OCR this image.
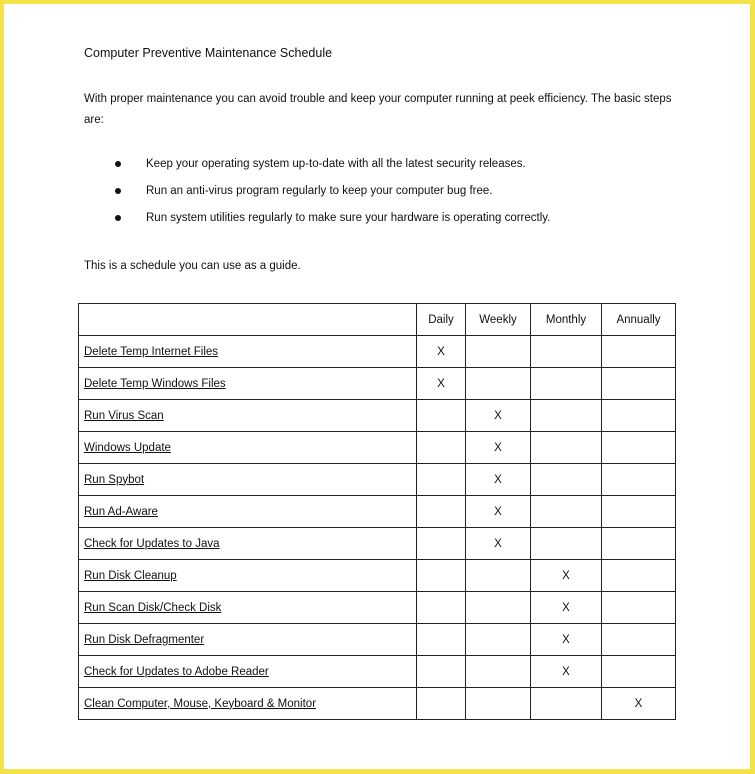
Computer Preventive Maintenance Schedule

With proper maintenance you can avoid trouble and keep your computer running at peek efficiency. The basic steps are:

Keep your operating system up-to-date with all the latest security releases.
Run an anti-virus program regularly to keep your computer bug free.
Run system utilities regularly to make sure your hardware is operating correctly.

This is a schedule you can use as a guide.

	Daily	Weekly	Monthly	Annually
Delete Temp Internet Files	X			
Delete Temp Windows Files	X			
Run Virus Scan		X		
Windows Update		X		
Run Spybot		X		
Run Ad-Aware		X		
Check for Updates to Java		X		
Run Disk Cleanup			X	
Run Scan Disk/Check Disk			X	
Run Disk Defragmenter			X	
Check for Updates to Adobe Reader			X	
Clean Computer, Mouse, Keyboard & Monitor				X
